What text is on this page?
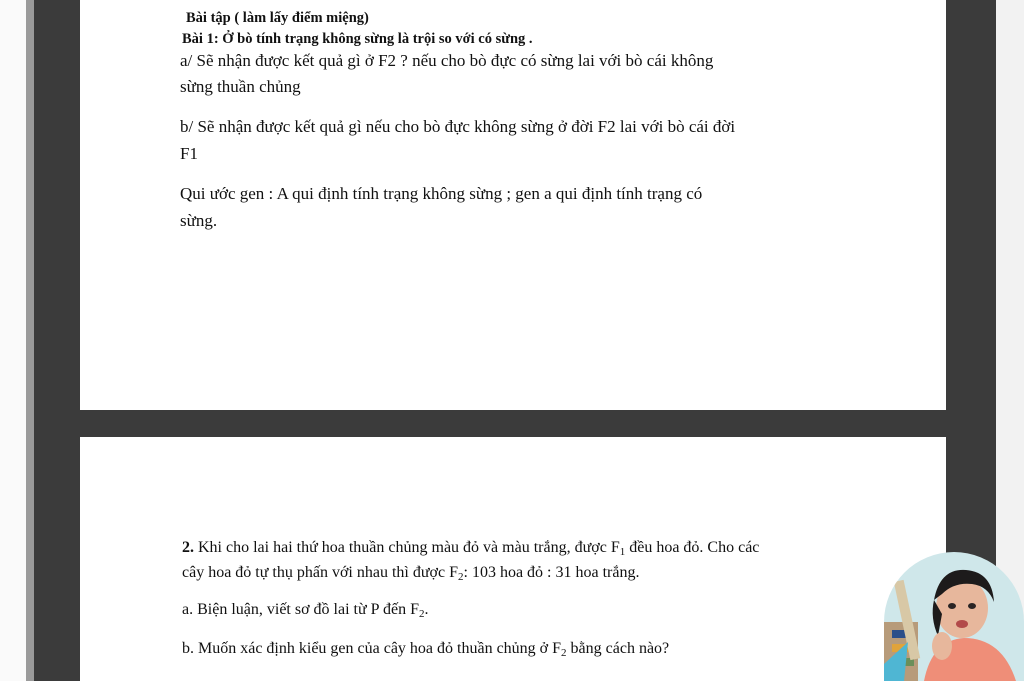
Bài tập ( làm lấy điểm miệng)
Bài 1: Ở bò tính trạng không sừng là trội so với có sừng .
a/ Sẽ nhận được kết quả gì ở F2 ? nếu cho bò đực có sừng lai với bò cái không
sừng thuần chủng
b/ Sẽ nhận được kết quả gì nếu cho bò đực không sừng ở đời F2 lai với bò cái đời
F1
Qui ước gen : A qui định tính trạng không sừng ; gen a qui định tính trạng có
sừng.
2. Khi cho lai hai thứ hoa thuần chủng màu đỏ và màu trắng, được $F_1$ đều hoa đỏ. Cho các
cây hoa đỏ tự thụ phấn với nhau thì được $F_2$: 103 hoa đỏ : 31 hoa trắng.
a. Biện luận, viết sơ đồ lai từ P đến $F_2$.
b. Muốn xác định kiểu gen của cây hoa đỏ thuần chủng ở $F_2$ bằng cách nào?
